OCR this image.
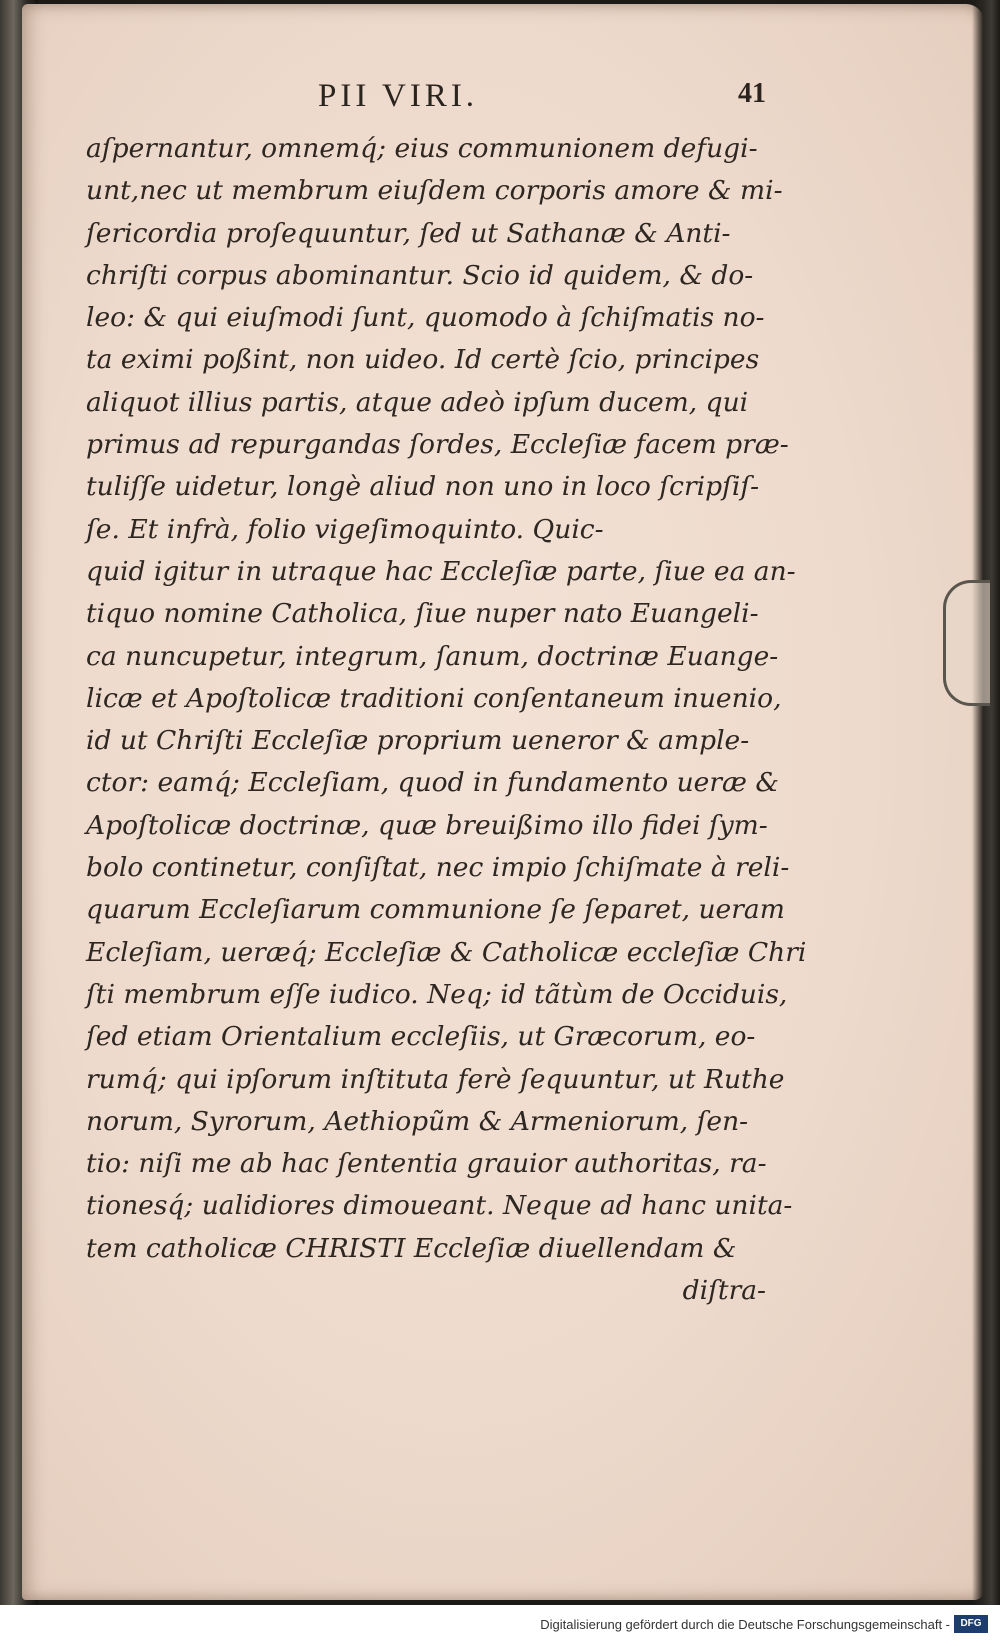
PII VIRI.	41
aſpernantur, omnemq́; eius communionem defugi-
unt,nec ut membrum eiuſdem corporis amore & mi-
ſericordia proſequuntur, ſed ut Sathanæ & Anti-
chriſti corpus abominantur. Scio id quidem, & do-
leo: & qui eiuſmodi ſunt, quomodo à ſchiſmatis no-
ta eximi poßint, non uideo. Id certè ſcio, principes
aliquot illius partis, atque adeò ipſum ducem, qui
primus ad repurgandas ſordes, Eccleſiæ facem præ-
tuliſſe uidetur, longè aliud non uno in loco ſcripſiſ-
ſe. Et infrà, folio vigeſimoquinto. Quic-
quid igitur in utraque hac Eccleſiæ parte, ſiue ea an-
tiquo nomine Catholica, ſiue nuper nato Euangeli-
ca nuncupetur, integrum, ſanum, doctrinæ Euange-
licæ et Apoſtolicæ traditioni conſentaneum inuenio,
id ut Chriſti Eccleſiæ proprium ueneror & ample-
ctor: eamq́; Eccleſiam, quod in fundamento ueræ &
Apoſtolicæ doctrinæ, quæ breuißimo illo fidei ſym-
bolo continetur, conſiſtat, nec impio ſchiſmate à reli-
quarum Eccleſiarum communione ſe ſeparet, ueram
Ecleſiam, ueræq́; Eccleſiæ & Catholicæ eccleſiæ Chri
ſti membrum eſſe iudico. Neq; id tãtùm de Occiduis,
ſed etiam Orientalium eccleſiis, ut Græcorum, eo-
rumq́; qui ipſorum inſtituta ferè ſequuntur, ut Ruthe
norum, Syrorum, Aethiopũm & Armeniorum, ſen-
tio: niſi me ab hac ſententia grauior authoritas, ra-
tionesq́; ualidiores dimoueant. Neque ad hanc unita-
tem catholicæ CHRISTI Eccleſiæ diuellendam &
diſtra-
Digitalisierung gefördert durch die Deutsche Forschungsgemeinschaft -	DFG
